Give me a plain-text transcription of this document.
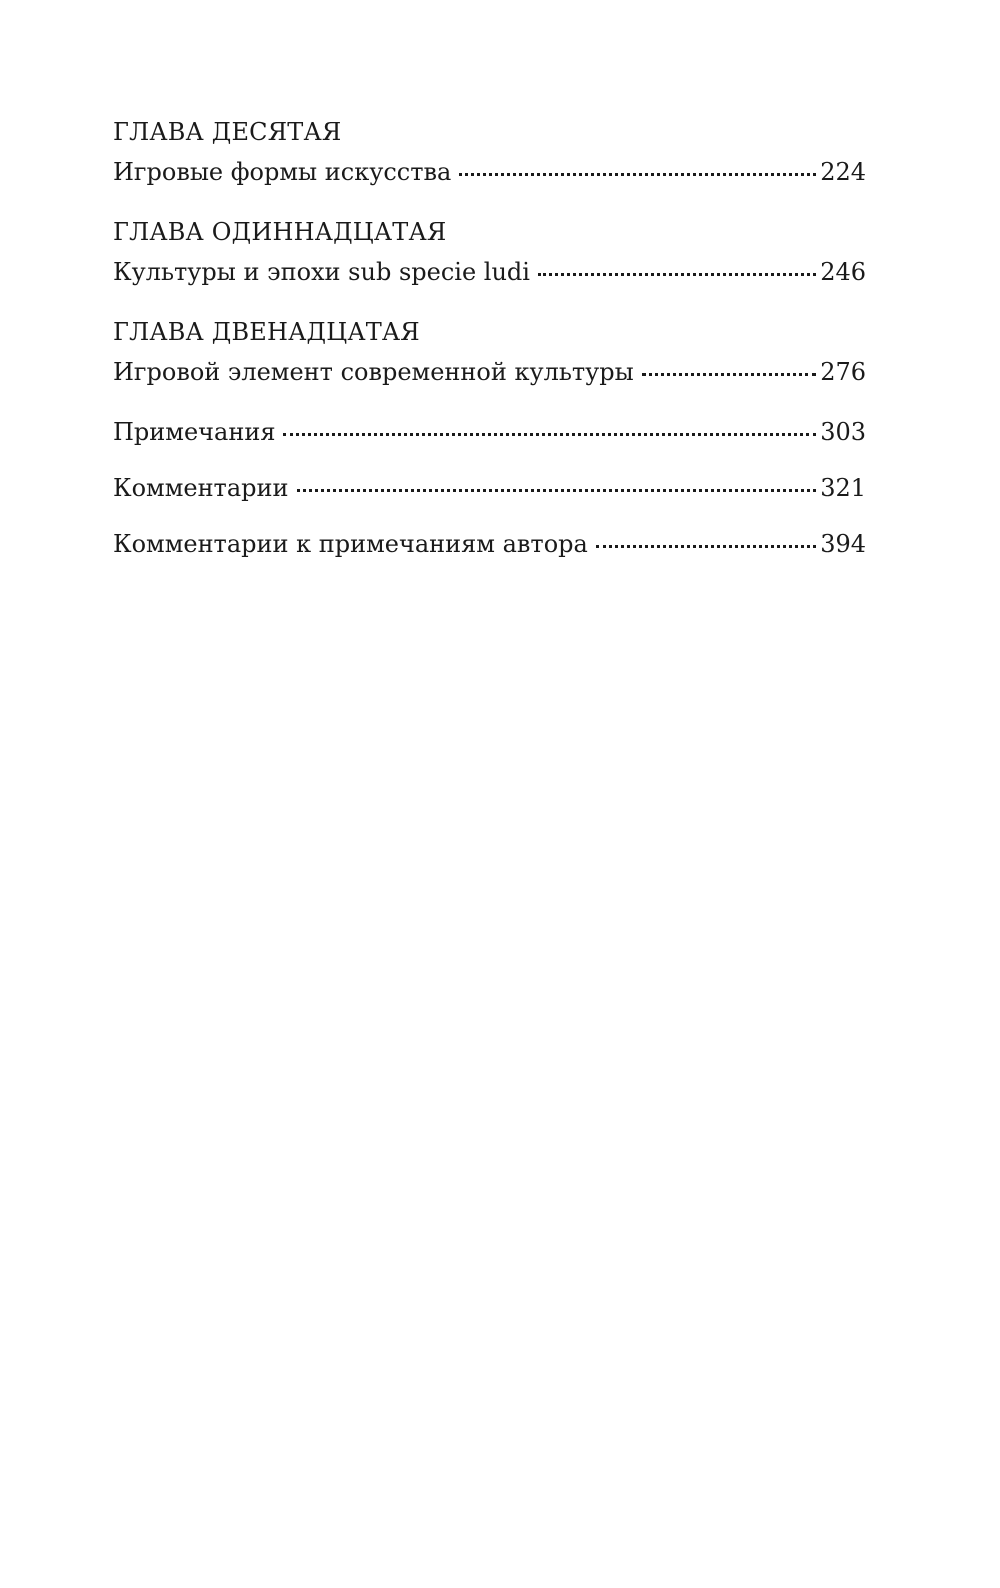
ГЛАВА ДЕСЯТАЯ
Игровые формы искусства	224
ГЛАВА ОДИННАДЦАТАЯ
Культуры и эпохи sub specie ludi	246
ГЛАВА ДВЕНАДЦАТАЯ
Игровой элемент современной культуры	276
Примечания	303
Комментарии	321
Комментарии к примечаниям автора	394
